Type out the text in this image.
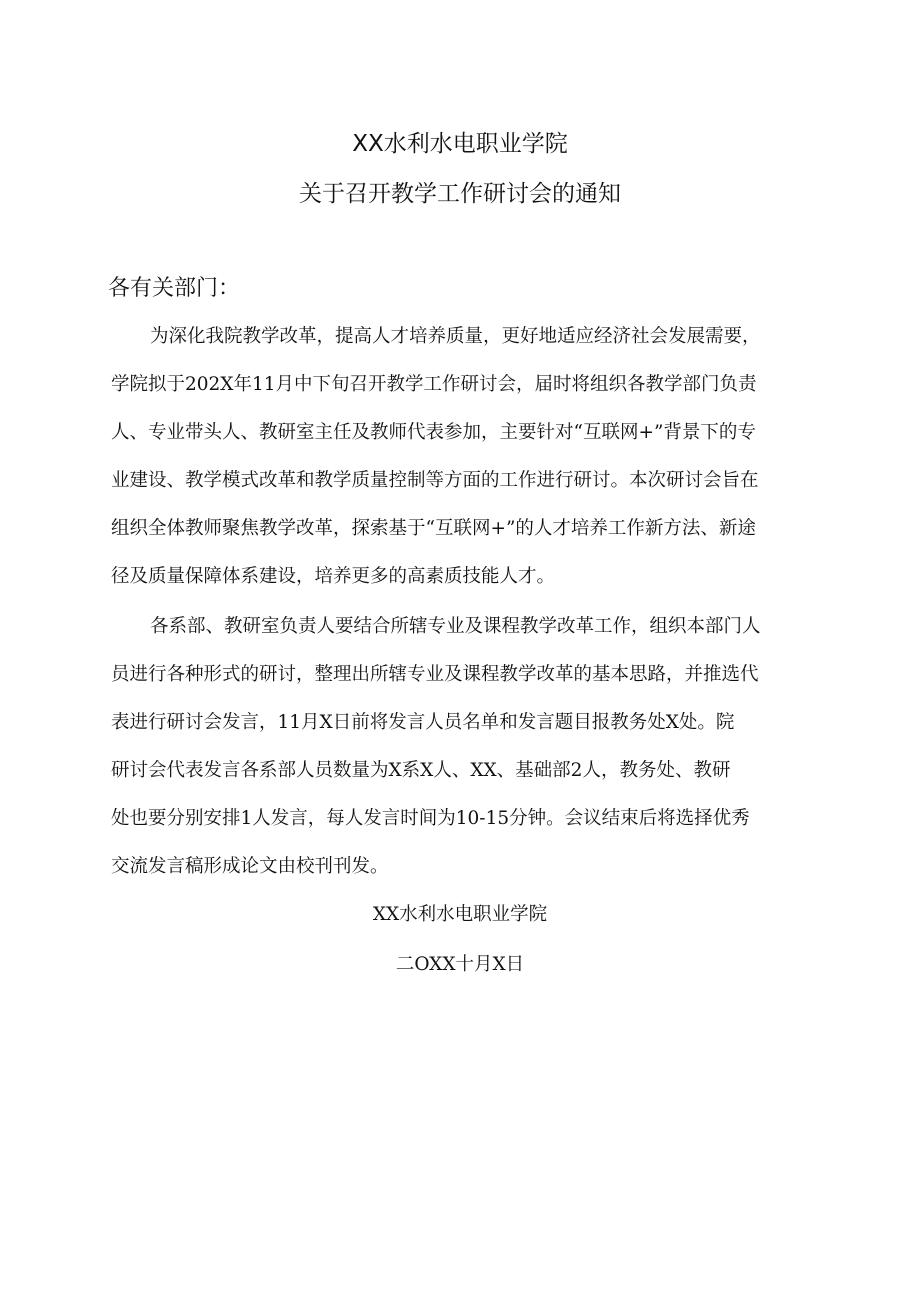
XX水利水电职业学院
关于召开教学工作研讨会的通知
各有关部门：
为深化我院教学改革，提高人才培养质量，更好地适应经济社会发展需要，
学院拟于202X年11月中下旬召开教学工作研讨会，届时将组织各教学部门负责
人、专业带头人、教研室主任及教师代表参加，主要针对“互联网+”背景下的专
业建设、教学模式改革和教学质量控制等方面的工作进行研讨。本次研讨会旨在
组织全体教师聚焦教学改革，探索基于“互联网+”的人才培养工作新方法、新途
径及质量保障体系建设，培养更多的高素质技能人才。
各系部、教研室负责人要结合所辖专业及课程教学改革工作，组织本部门人
员进行各种形式的研讨，整理出所辖专业及课程教学改革的基本思路，并推选代
表进行研讨会发言，11月X日前将发言人员名单和发言题目报教务处X处。院
研讨会代表发言各系部人员数量为X系X人、XX、基础部2人，教务处、教研
处也要分别安排1人发言，每人发言时间为10-15分钟。会议结束后将选择优秀
交流发言稿形成论文由校刊刊发。
XX水利水电职业学院
二OXX十月X日
